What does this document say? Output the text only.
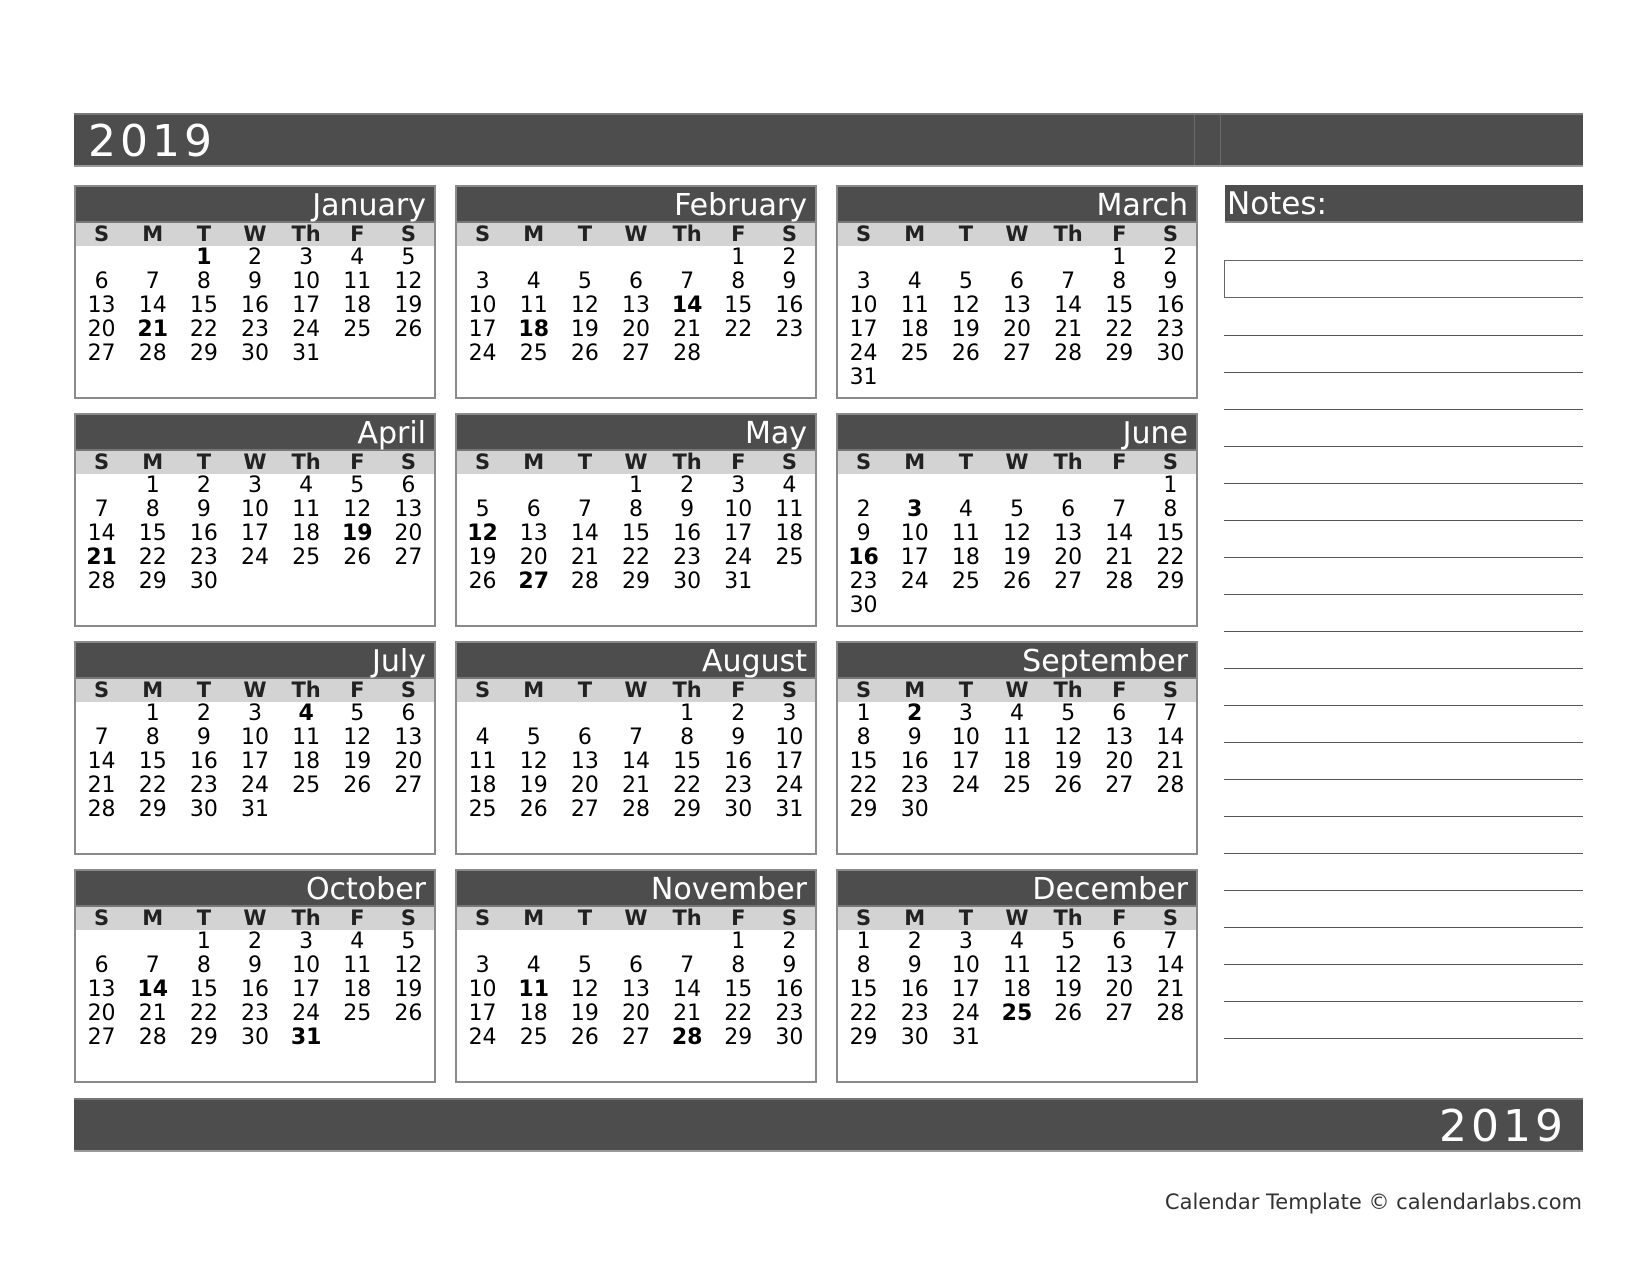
2019
January
S	M	T	W	Th	F	S
		1	2	3	4	5
6	7	8	9	10	11	12
13	14	15	16	17	18	19
20	21	22	23	24	25	26
27	28	29	30	31		
February
S	M	T	W	Th	F	S
					1	2
3	4	5	6	7	8	9
10	11	12	13	14	15	16
17	18	19	20	21	22	23
24	25	26	27	28		
March
S	M	T	W	Th	F	S
					1	2
3	4	5	6	7	8	9
10	11	12	13	14	15	16
17	18	19	20	21	22	23
24	25	26	27	28	29	30
31						
April
S	M	T	W	Th	F	S
	1	2	3	4	5	6
7	8	9	10	11	12	13
14	15	16	17	18	19	20
21	22	23	24	25	26	27
28	29	30				
May
S	M	T	W	Th	F	S
			1	2	3	4
5	6	7	8	9	10	11
12	13	14	15	16	17	18
19	20	21	22	23	24	25
26	27	28	29	30	31	
June
S	M	T	W	Th	F	S
						1
2	3	4	5	6	7	8
9	10	11	12	13	14	15
16	17	18	19	20	21	22
23	24	25	26	27	28	29
30						
July
S	M	T	W	Th	F	S
	1	2	3	4	5	6
7	8	9	10	11	12	13
14	15	16	17	18	19	20
21	22	23	24	25	26	27
28	29	30	31			
August
S	M	T	W	Th	F	S
				1	2	3
4	5	6	7	8	9	10
11	12	13	14	15	16	17
18	19	20	21	22	23	24
25	26	27	28	29	30	31
September
S	M	T	W	Th	F	S
1	2	3	4	5	6	7
8	9	10	11	12	13	14
15	16	17	18	19	20	21
22	23	24	25	26	27	28
29	30					
October
S	M	T	W	Th	F	S
		1	2	3	4	5
6	7	8	9	10	11	12
13	14	15	16	17	18	19
20	21	22	23	24	25	26
27	28	29	30	31		
November
S	M	T	W	Th	F	S
					1	2
3	4	5	6	7	8	9
10	11	12	13	14	15	16
17	18	19	20	21	22	23
24	25	26	27	28	29	30
December
S	M	T	W	Th	F	S
1	2	3	4	5	6	7
8	9	10	11	12	13	14
15	16	17	18	19	20	21
22	23	24	25	26	27	28
29	30	31				
Notes:
2019
Calendar Template © calendarlabs.com
